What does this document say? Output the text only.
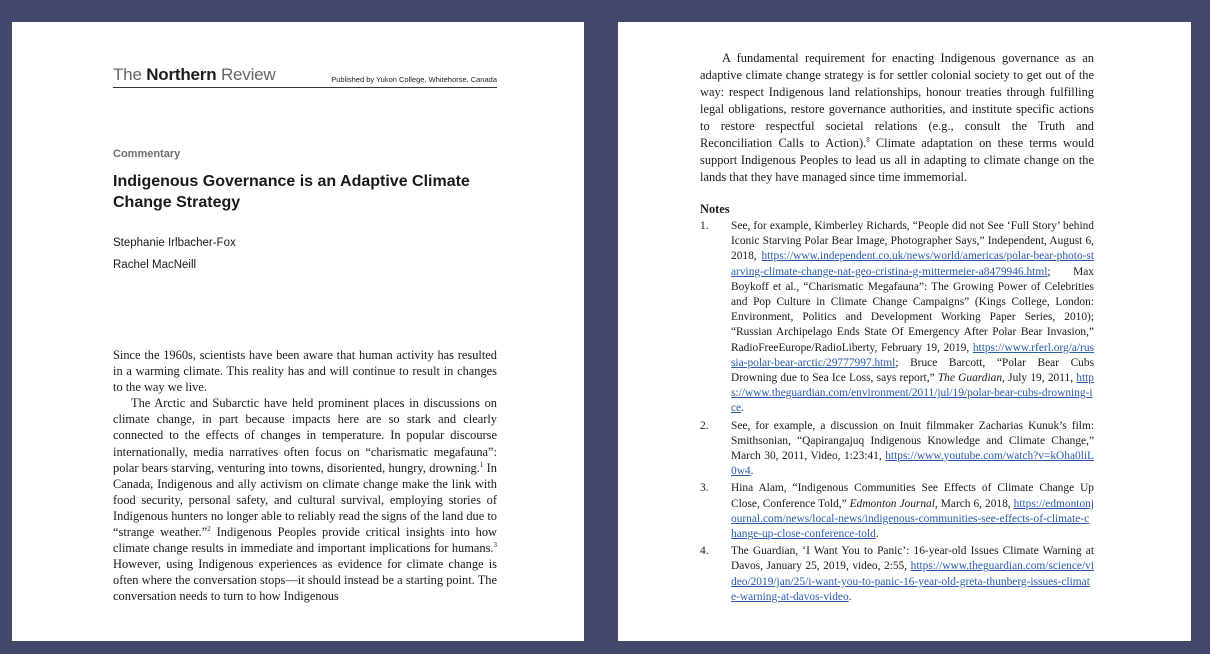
The Northern Review	Published by Yukon College, Whitehorse, Canada
Commentary
Indigenous Governance is an Adaptive Climate Change Strategy
Stephanie Irlbacher-Fox
Rachel MacNeill

Since the 1960s, scientists have been aware that human activity has resulted in a warming climate. This reality has and will continue to result in changes to the way we live.

The Arctic and Subarctic have held prominent places in discussions on climate change, in part because impacts here are so stark and clearly connected to the effects of changes in temperature. In popular discourse internationally, media narratives often focus on “charismatic megafauna”: polar bears starving, venturing into towns, disoriented, hungry, drowning.$^1$ In Canada, Indigenous and ally activism on climate change make the link with food security, personal safety, and cultural survival, employing stories of Indigenous hunters no longer able to reliably read the signs of the land due to “strange weather.”$^2$ Indigenous Peoples provide critical insights into how climate change results in immediate and important implications for humans.$^3$ However, using Indigenous experiences as evidence for climate change is often where the conversation stops—it should instead be a starting point. The conversation needs to turn to how Indigenous

A fundamental requirement for enacting Indigenous governance as an adaptive climate change strategy is for settler colonial society to get out of the way: respect Indigenous land relationships, honour treaties through fulfilling legal obligations, restore governance authorities, and institute specific actions to restore respectful societal relations (e.g., consult the Truth and Reconciliation Calls to Action).$^8$ Climate adaptation on these terms would support Indigenous Peoples to lead us all in adapting to climate change on the lands that they have managed since time immemorial.

Notes
1.	See, for example, Kimberley Richards, “People did not See ‘Full Story’ behind Iconic Starving Polar Bear Image, Photographer Says,” Independent, August 6, 2018, https://www.independent.co.uk/news/world/americas/polar-bear-photo-starving-climate-change-nat-geo-cristina-g-mittermeier-a8479946.html; Max Boykoff et al., “Charismatic Megafauna”: The Growing Power of Celebrities and Pop Culture in Climate Change Campaigns” (Kings College, London: Environment, Politics and Development Working Paper Series, 2010); “Russian Archipelago Ends State Of Emergency After Polar Bear Invasion,” RadioFreeEurope/RadioLiberty, February 19, 2019, https://www.rferl.org/a/russia-polar-bear-arctic/29777997.html; Bruce Barcott, “Polar Bear Cubs Drowning due to Sea Ice Loss, says report,” The Guardian, July 19, 2011, https://www.theguardian.com/environment/2011/jul/19/polar-bear-cubs-drowning-ice.
2.	See, for example, a discussion on Inuit filmmaker Zacharias Kunuk’s film: Smithsonian, “Qapirangajuq Indigenous Knowledge and Climate Change,” March 30, 2011, Video, 1:23:41, https://www.youtube.com/watch?v=kOha0liL0w4.
3.	Hina Alam, “Indigenous Communities See Effects of Climate Change Up Close, Conference Told,” Edmonton Journal, March 6, 2018, https://edmontonjournal.com/news/local-news/indigenous-communities-see-effects-of-climate-change-up-close-conference-told.
4.	The Guardian, ‘I Want You to Panic’: 16-year-old Issues Climate Warning at Davos, January 25, 2019, video, 2:55, https://www.theguardian.com/science/video/2019/jan/25/i-want-you-to-panic-16-year-old-greta-thunberg-issues-climate-warning-at-davos-video.
